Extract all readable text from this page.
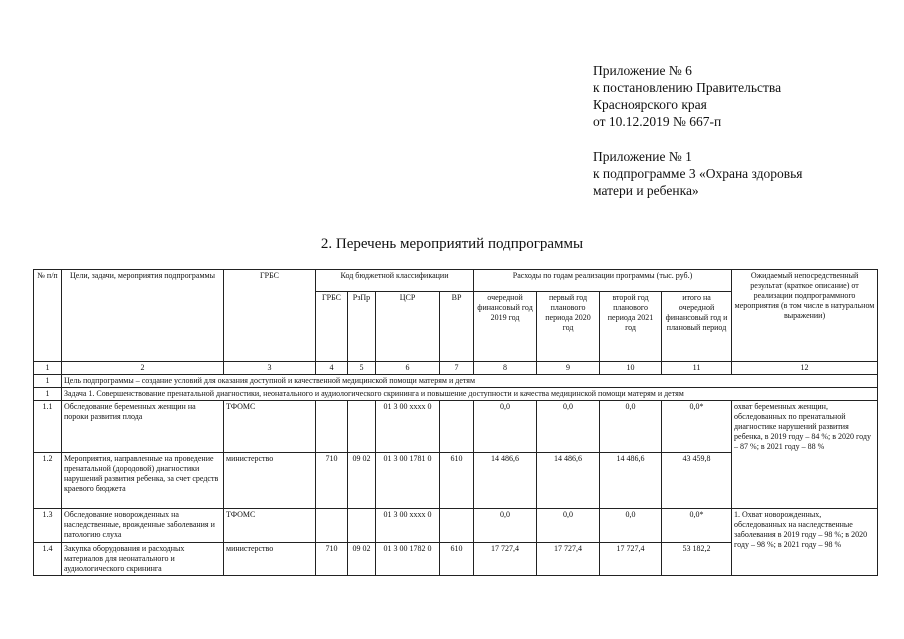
Приложение № 6
к постановлению Правительства
Красноярского края
от 10.12.2019 № 667-п
Приложение № 1
к подпрограмме 3 «Охрана здоровья
матери и ребенка»
2. Перечень мероприятий подпрограммы
№ п/п	Цели, задачи, мероприятия подпрограммы	ГРБС	Код бюджетной классификации				Расходы по годам реализации программы (тыс. руб.)				Ожидаемый непосредственный результат (краткое описание) от реализации подпрограммного мероприятия (в том числе в натуральном выражении)
			ГРБС	РзПр	ЦСР	ВР	очередной финансовый год 2019 год	первый год планового периода 2020 год	второй год планового периода 2021 год	итого на очередной финансовый год и плановый период	
1	2	3	4	5	6	7	8	9	10	11	12
1	Цель подпрограммы – создание условий для оказания доступной и качественной медицинской помощи матерям и детям										
1	Задача 1. Совершенствование пренатальной диагностики, неонатального и аудиологического скрининга и повышение доступности и качества медицинской помощи матерям и детям										
1.1	Обследование беременных женщин на пороки развития плода	ТФОМС			01 3 00 xxxx 0		0,0	0,0	0,0	0,0*	охват беременных женщин, обследованных по пренатальной диагностике нарушений развития ребенка, в 2019 году – 84 %; в 2020 году – 87 %; в 2021 году – 88 %
1.2	Мероприятия, направленные на проведение пренатальной (дородовой) диагностики нарушений развития ребенка, за счет средств краевого бюджета	министерство	710	09 02	01 3 00 1781 0	610	14 486,6	14 486,6	14 486,6	43 459,8	
1.3	Обследование новорожденных на наследственные, врожденные заболевания и патологию слуха	ТФОМС			01 3 00 xxxx 0		0,0	0,0	0,0	0,0*	1. Охват новорожденных, обследованных на наследственные заболевания в 2019 году – 98 %; в 2020 году – 98 %; в 2021 году – 98 %
1.4	Закупка оборудования и расходных материалов для неонатального и аудиологического скрининга	министерство	710	09 02	01 3 00 1782 0	610	17 727,4	17 727,4	17 727,4	53 182,2	
